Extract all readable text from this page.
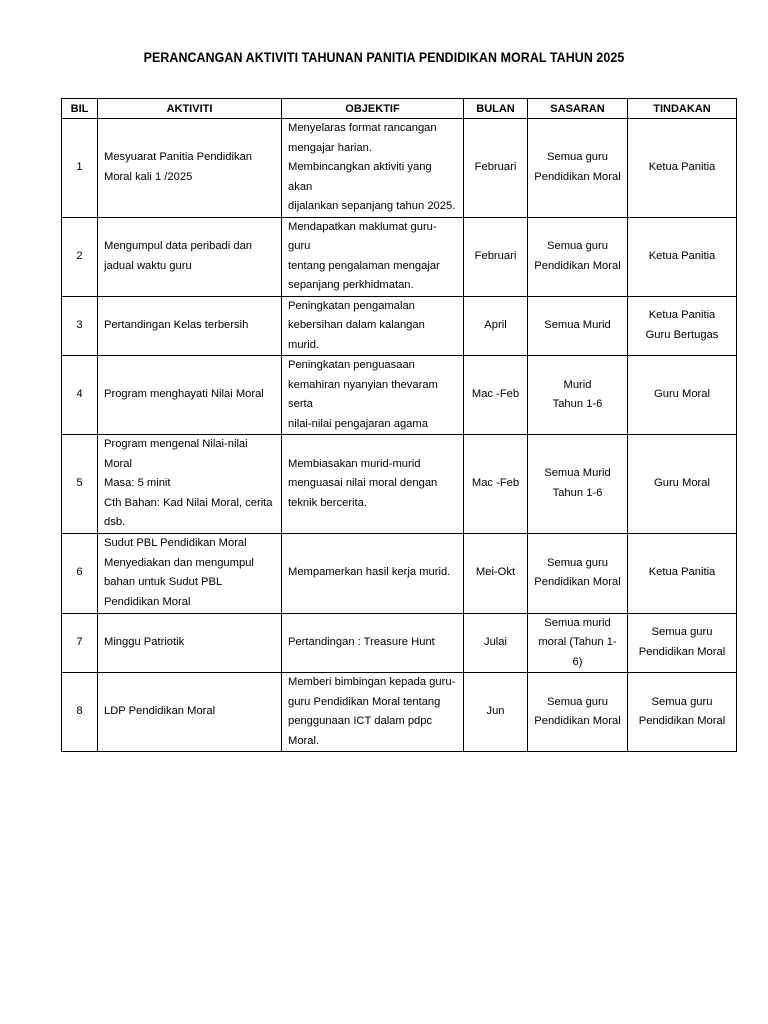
PERANCANGAN AKTIVITI TAHUNAN PANITIA PENDIDIKAN MORAL TAHUN 2025
BIL	AKTIVITI	OBJEKTIF	BULAN	SASARAN	TINDAKAN
1	Mesyuarat Panitia Pendidikan
Moral kali 1 /2025	Menyelaras format rancangan
mengajar harian.
Membincangkan aktiviti yang akan
dijalankan sepanjang tahun 2025.	Februari	Semua guru
Pendidikan Moral	Ketua Panitia
2	Mengumpul data peribadi dan
jadual waktu guru	Mendapatkan maklumat guru-guru
tentang pengalaman mengajar
sepanjang perkhidmatan.	Februari	Semua guru
Pendidikan Moral	Ketua Panitia
3	Pertandingan Kelas terbersih	Peningkatan pengamalan
kebersihan dalam kalangan murid.	April	Semua Murid	Ketua Panitia
Guru Bertugas
4	Program menghayati Nilai Moral	Peningkatan penguasaan
kemahiran nyanyian thevaram serta
nilai-nilai pengajaran agama	Mac -Feb	Murid
Tahun 1-6	Guru Moral
5	Program mengenal Nilai-nilai Moral
Masa: 5 minit
Cth Bahan: Kad Nilai Moral, cerita
dsb.	Membiasakan murid-murid
menguasai nilai moral dengan
teknik bercerita.	Mac -Feb	Semua Murid
Tahun 1-6	Guru Moral
6	Sudut PBL Pendidikan Moral
Menyediakan dan mengumpul
bahan untuk Sudut PBL
Pendidikan Moral	Mempamerkan hasil kerja murid.	Mei-Okt	Semua guru
Pendidikan Moral	Ketua Panitia
7	Minggu Patriotik	Pertandingan : Treasure Hunt	Julai	Semua murid
moral (Tahun 1-6)	Semua guru
Pendidikan Moral
8	LDP Pendidikan Moral	Memberi bimbingan kepada guru-
guru Pendidikan Moral tentang
penggunaan ICT dalam pdpc Moral.	Jun	Semua guru
Pendidikan Moral	Semua guru
Pendidikan Moral
